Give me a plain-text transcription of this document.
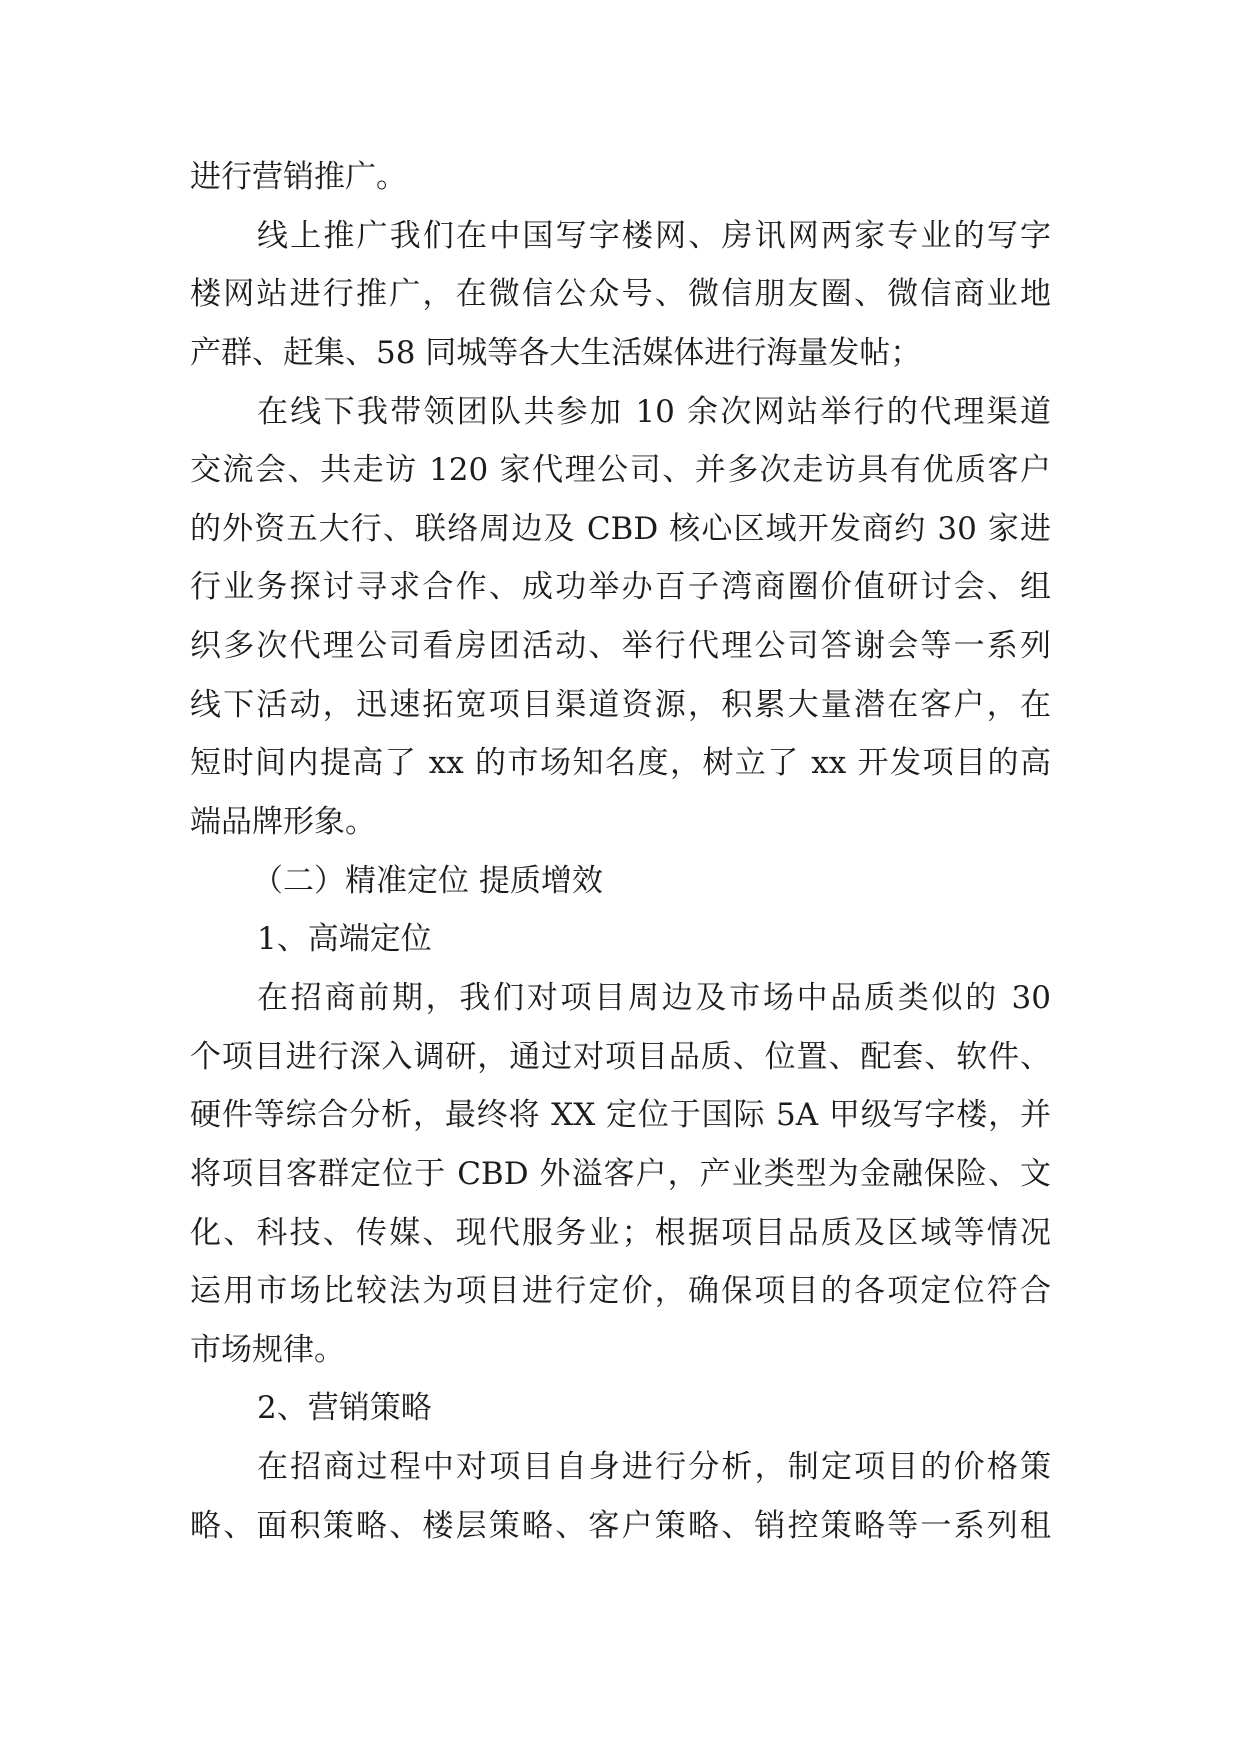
进行营销推广。
线上推广我们在中国写字楼网、房讯网两家专业的写字
楼网站进行推广，在微信公众号、微信朋友圈、微信商业地
产群、赶集、58 同城等各大生活媒体进行海量发帖；
在线下我带领团队共参加 10 余次网站举行的代理渠道
交流会、共走访 120 家代理公司、并多次走访具有优质客户
的外资五大行、联络周边及 CBD 核心区域开发商约 30 家进
行业务探讨寻求合作、成功举办百子湾商圈价值研讨会、组
织多次代理公司看房团活动、举行代理公司答谢会等一系列
线下活动，迅速拓宽项目渠道资源，积累大量潜在客户，在
短时间内提高了 xx 的市场知名度，树立了 xx 开发项目的高
端品牌形象。
（二）精准定位 提质增效
1、高端定位
在招商前期，我们对项目周边及市场中品质类似的 30
个项目进行深入调研，通过对项目品质、位置、配套、软件、
硬件等综合分析，最终将 XX 定位于国际 5A 甲级写字楼，并
将项目客群定位于 CBD 外溢客户，产业类型为金融保险、文
化、科技、传媒、现代服务业；根据项目品质及区域等情况
运用市场比较法为项目进行定价，确保项目的各项定位符合
市场规律。
2、营销策略
在招商过程中对项目自身进行分析，制定项目的价格策
略、面积策略、楼层策略、客户策略、销控策略等一系列租
